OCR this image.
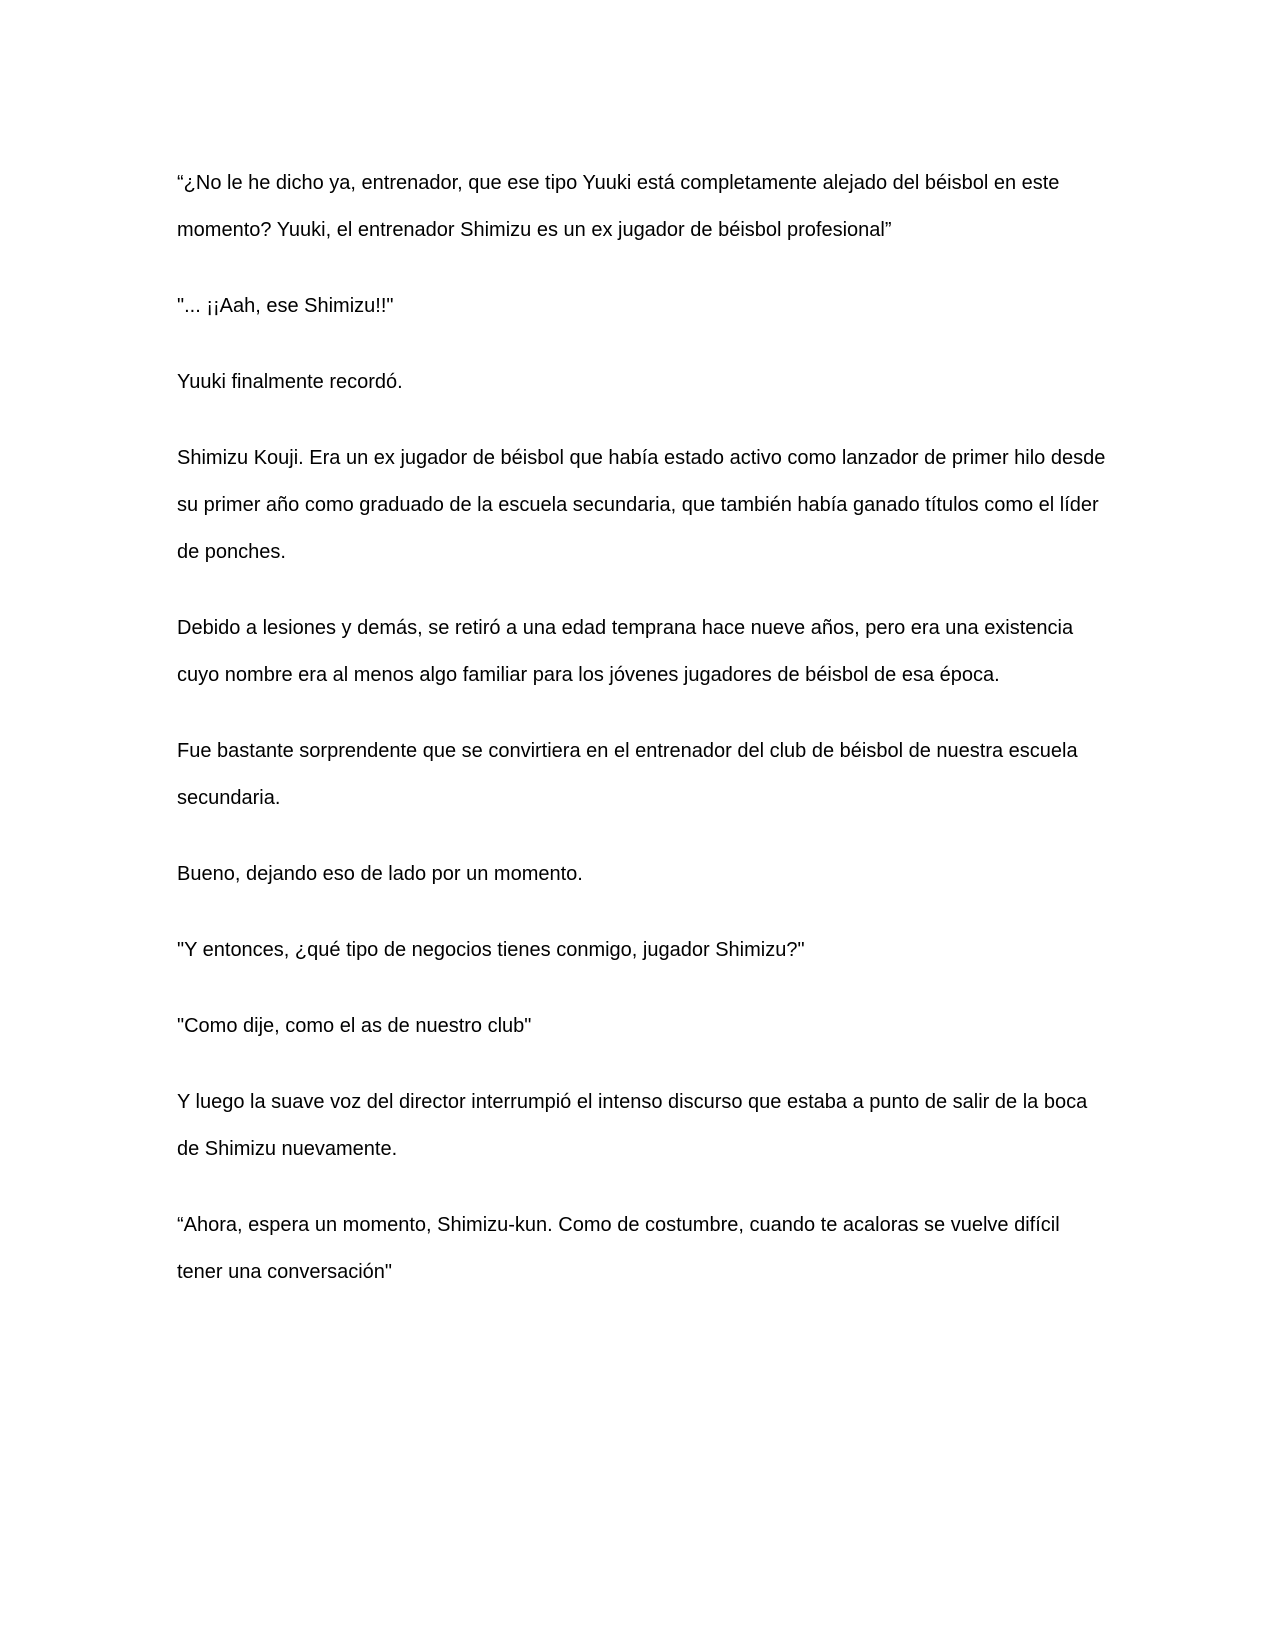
“¿No le he dicho ya, entrenador, que ese tipo Yuuki está completamente alejado del béisbol en este momento? Yuuki, el entrenador Shimizu es un ex jugador de béisbol profesional”

"... ¡¡Aah, ese Shimizu!!"

Yuuki finalmente recordó.

Shimizu Kouji. Era un ex jugador de béisbol que había estado activo como lanzador de primer hilo desde su primer año como graduado de la escuela secundaria, que también había ganado títulos como el líder de ponches.

Debido a lesiones y demás, se retiró a una edad temprana hace nueve años, pero era una existencia cuyo nombre era al menos algo familiar para los jóvenes jugadores de béisbol de esa época.

Fue bastante sorprendente que se convirtiera en el entrenador del club de béisbol de nuestra escuela secundaria.

Bueno, dejando eso de lado por un momento.

"Y entonces, ¿qué tipo de negocios tienes conmigo, jugador Shimizu?"

"Como dije, como el as de nuestro club"

Y luego la suave voz del director interrumpió el intenso discurso que estaba a punto de salir de la boca de Shimizu nuevamente.

“Ahora, espera un momento, Shimizu-kun. Como de costumbre, cuando te acaloras se vuelve difícil tener una conversación"
